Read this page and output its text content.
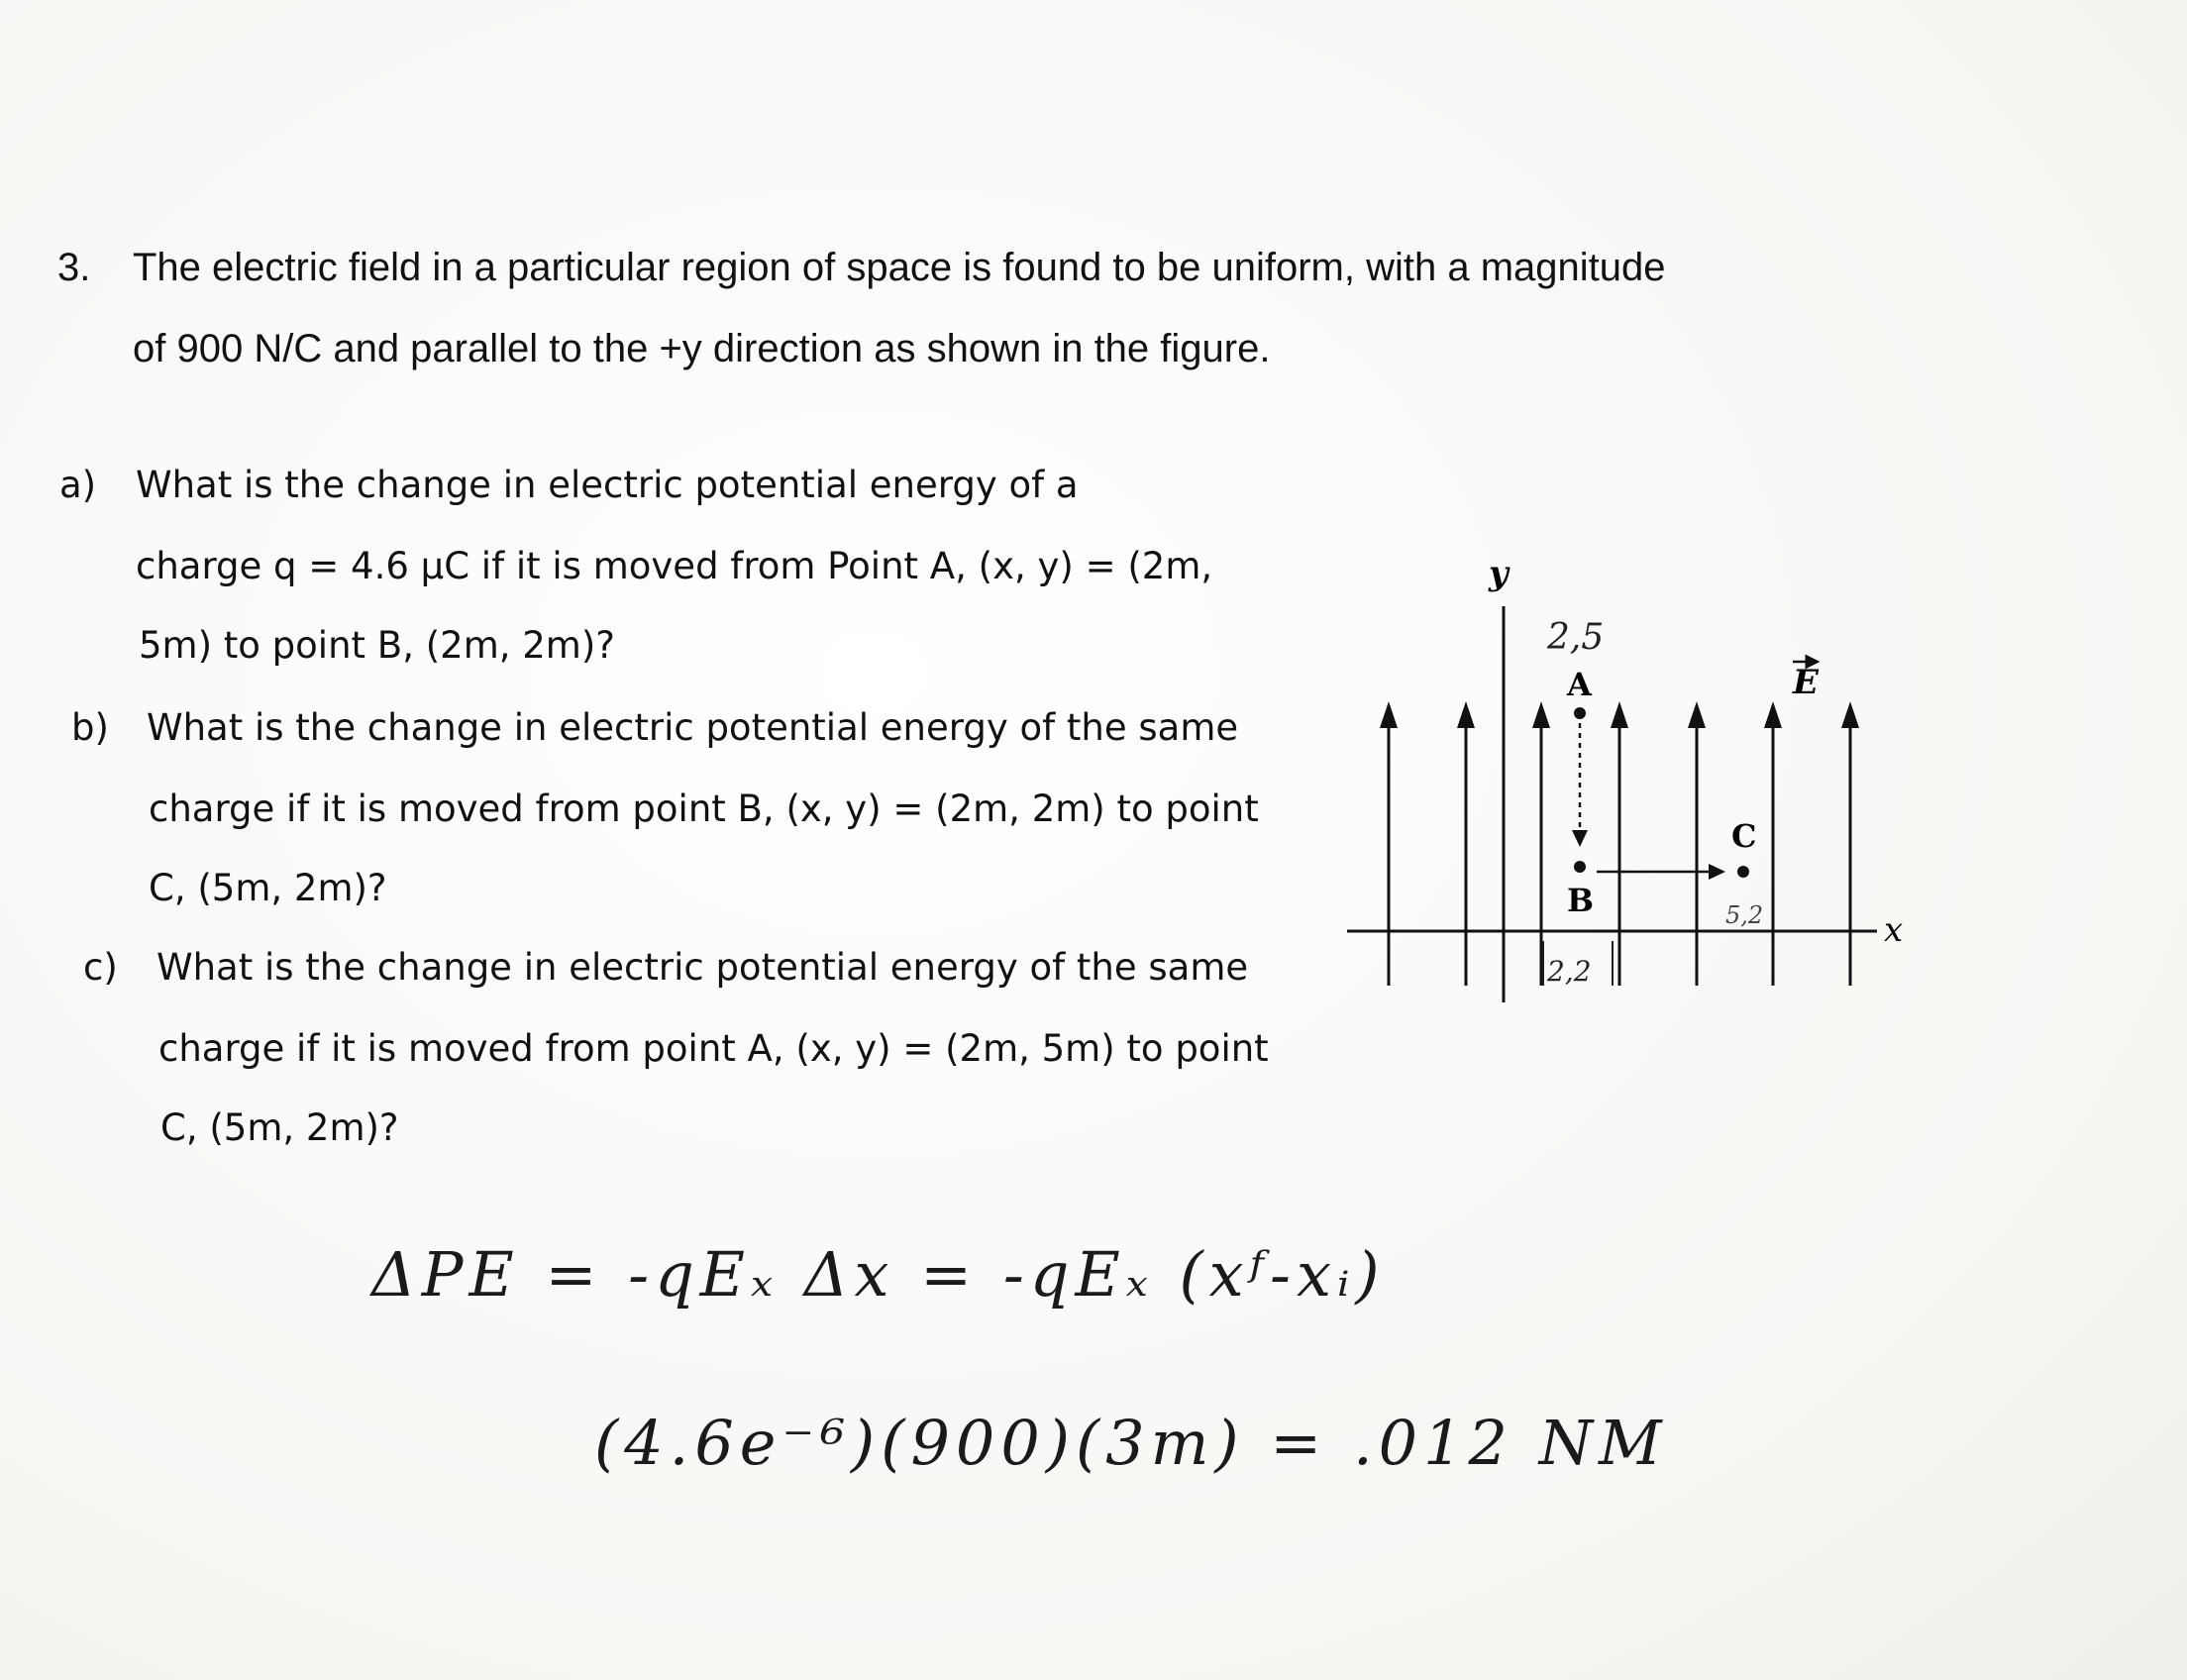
3. The electric field in a particular region of space is found to be uniform, with a magnitude
of 900 N/C and parallel to the +y direction as shown in the figure.
a) What is the change in electric potential energy of a
charge q = 4.6 μC if it is moved from Point A, (x, y) = (2m,
5m) to point B, (2m, 2m)?
b) What is the change in electric potential energy of the same
charge if it is moved from point B, (x, y) = (2m, 2m) to point
C, (5m, 2m)?
c) What is the change in electric potential energy of the same
charge if it is moved from point A, (x, y) = (2m, 5m) to point
C, (5m, 2m)?
x
y
E
A
B
C
2,5
2,2
5,2
ΔPE = -qEₓ Δx = -qEₓ (xᶠ-xᵢ)
(4.6e⁻⁶)(900)(3m) = .012 NM
